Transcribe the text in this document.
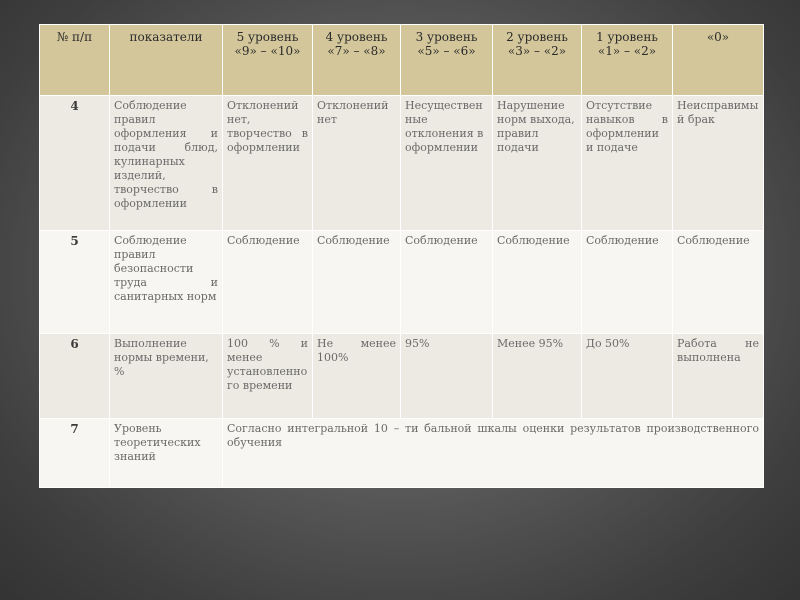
№ п/п	показатели	5 уровень «9» – «10»	4 уровень «7» – «8»	3 уровень «5» – «6»	2 уровень «3» – «2»	1 уровень «1» – «2»	«0»
4	Соблюдение правил оформления и подачи блюд, кулинарных изделий, творчество в оформлении	Отклонений нет, творчество в оформлении	Отклонений нет	Несущественные отклонения в оформлении	Нарушение норм выхода, правил подачи	Отсутствие навыков в оформлении и подаче	Неисправимый брак
5	Соблюдение правил безопасности труда и санитарных норм	Соблюдение	Соблюдение	Соблюдение	Соблюдение	Соблюдение	Соблюдение
6	Выполнение нормы времени, %	100 % и менее установленного времени	Не менее 100%	95%	Менее 95%	До 50%	Работа не выполнена
7	Уровень теоретических знаний	Согласно интегральной 10 – ти бальной шкалы оценки результатов производственного обучения					
